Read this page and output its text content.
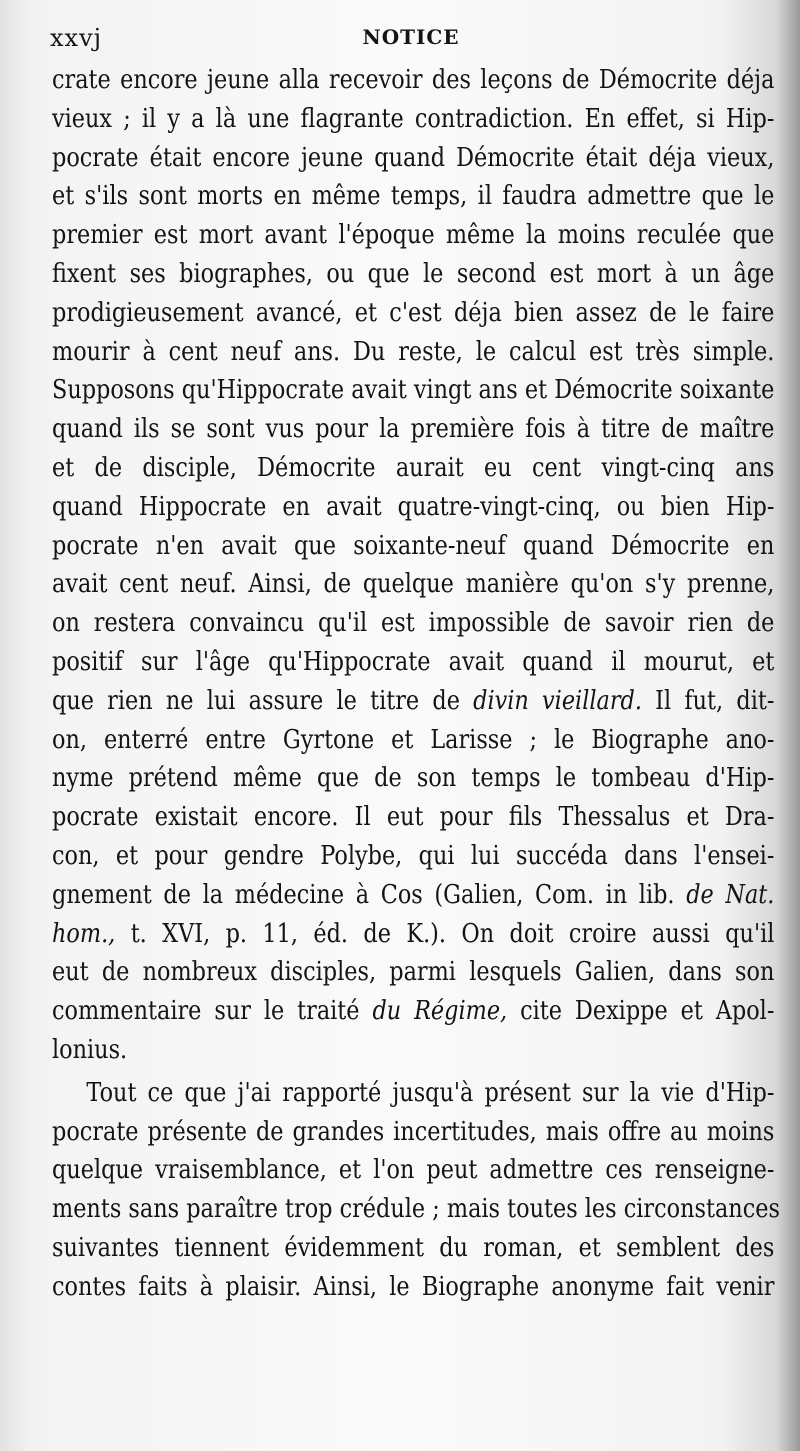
xxvj	NOTICE
crate encore jeune alla recevoir des leçons de Démocrite déja
vieux ; il y a là une flagrante contradiction. En effet, si Hip-
pocrate était encore jeune quand Démocrite était déja vieux,
et s'ils sont morts en même temps, il faudra admettre que le
premier est mort avant l'époque même la moins reculée que
fixent ses biographes, ou que le second est mort à un âge
prodigieusement avancé, et c'est déja bien assez de le faire
mourir à cent neuf ans. Du reste, le calcul est très simple.
Supposons qu'Hippocrate avait vingt ans et Démocrite soixante
quand ils se sont vus pour la première fois à titre de maître
et de disciple, Démocrite aurait eu cent vingt-cinq ans
quand Hippocrate en avait quatre-vingt-cinq, ou bien Hip-
pocrate n'en avait que soixante-neuf quand Démocrite en
avait cent neuf. Ainsi, de quelque manière qu'on s'y prenne,
on restera convaincu qu'il est impossible de savoir rien de
positif sur l'âge qu'Hippocrate avait quand il mourut, et
que rien ne lui assure le titre de divin vieillard. Il fut, dit-
on, enterré entre Gyrtone et Larisse ; le Biographe ano-
nyme prétend même que de son temps le tombeau d'Hip-
pocrate existait encore. Il eut pour fils Thessalus et Dra-
con, et pour gendre Polybe, qui lui succéda dans l'ensei-
gnement de la médecine à Cos (Galien, Com. in lib. de Nat.
hom., t. XVI, p. 11, éd. de K.). On doit croire aussi qu'il
eut de nombreux disciples, parmi lesquels Galien, dans son
commentaire sur le traité du Régime, cite Dexippe et Apol-
lonius.
Tout ce que j'ai rapporté jusqu'à présent sur la vie d'Hip-
pocrate présente de grandes incertitudes, mais offre au moins
quelque vraisemblance, et l'on peut admettre ces renseigne-
ments sans paraître trop crédule ; mais toutes les circonstances
suivantes tiennent évidemment du roman, et semblent des
contes faits à plaisir. Ainsi, le Biographe anonyme fait venir
